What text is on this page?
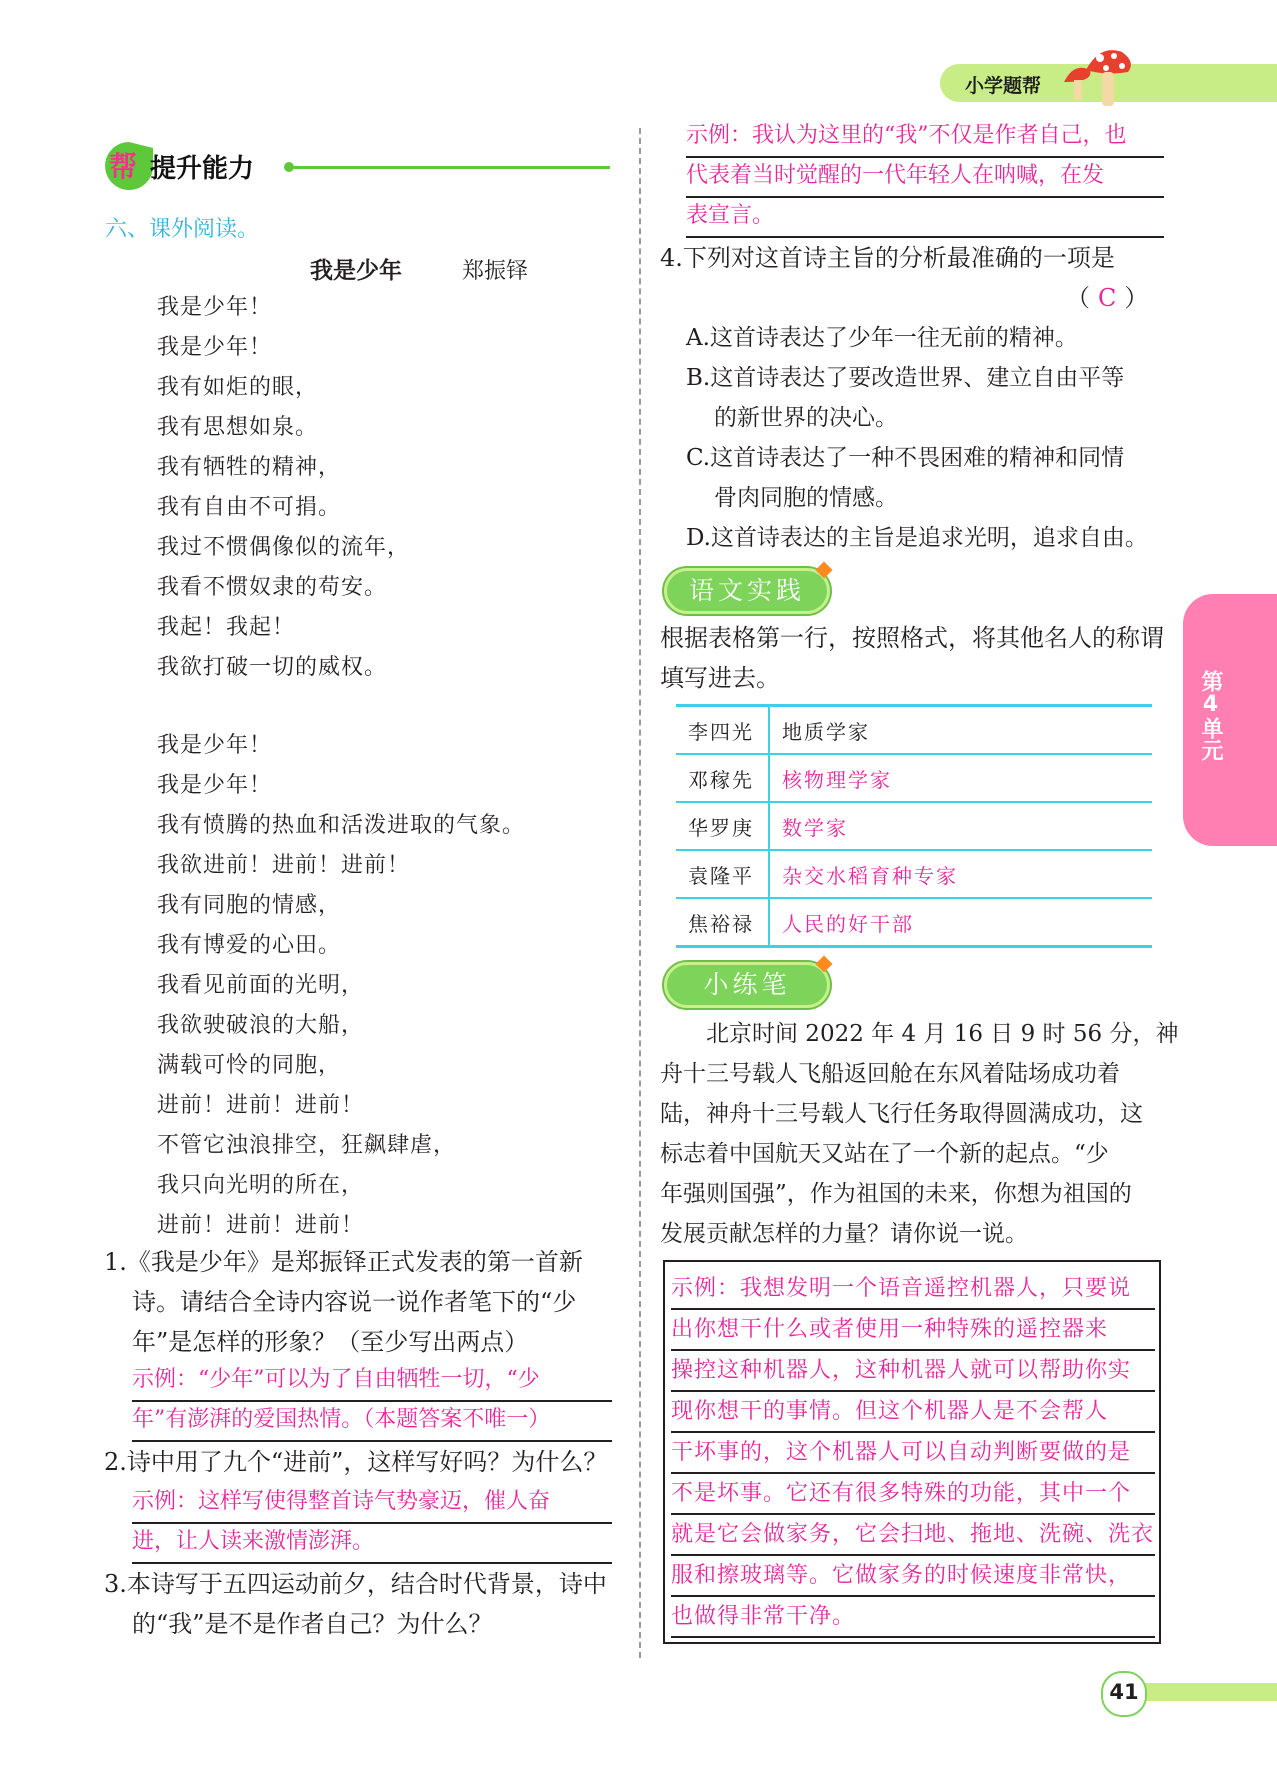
小学题帮
帮 提升能力
六、课外阅读。
我是少年	郑振铎
我是少年！
我是少年！
我有如炬的眼，
我有思想如泉。
我有牺牲的精神，
我有自由不可捐。
我过不惯偶像似的流年，
我看不惯奴隶的苟安。
我起！我起！
我欲打破一切的威权。
我是少年！
我是少年！
我有愤腾的热血和活泼进取的气象。
我欲进前！进前！进前！
我有同胞的情感，
我有博爱的心田。
我看见前面的光明，
我欲驶破浪的大船，
满载可怜的同胞，
进前！进前！进前！
不管它浊浪排空，狂飙肆虐，
我只向光明的所在，
进前！进前！进前！
1.《我是少年》是郑振铎正式发表的第一首新
诗。请结合全诗内容说一说作者笔下的“少
年”是怎样的形象？（至少写出两点）
示例：“少年”可以为了自由牺牲一切，“少
年”有澎湃的爱国热情。（本题答案不唯一）
2.诗中用了九个“进前”，这样写好吗？为什么？
示例：这样写使得整首诗气势豪迈，催人奋
进，让人读来激情澎湃。
3.本诗写于五四运动前夕，结合时代背景，诗中
的“我”是不是作者自己？为什么？
示例：我认为这里的“我”不仅是作者自己，也
代表着当时觉醒的一代年轻人在呐喊，在发
表宣言。
4.下列对这首诗主旨的分析最准确的一项是
（ C ）
A.这首诗表达了少年一往无前的精神。
B.这首诗表达了要改造世界、建立自由平等
的新世界的决心。
C.这首诗表达了一种不畏困难的精神和同情
骨肉同胞的情感。
D.这首诗表达的主旨是追求光明，追求自由。
语文实践
根据表格第一行，按照格式，将其他名人的称谓
填写进去。
李四光	地质学家
邓稼先	核物理学家
华罗庚	数学家
袁隆平	杂交水稻育种专家
焦裕禄	人民的好干部
第4单元
小练笔
　　北京时间 2022 年 4 月 16 日 9 时 56 分，神
舟十三号载人飞船返回舱在东风着陆场成功着
陆，神舟十三号载人飞行任务取得圆满成功，这
标志着中国航天又站在了一个新的起点。“少
年强则国强”，作为祖国的未来，你想为祖国的
发展贡献怎样的力量？请你说一说。
示例：我想发明一个语音遥控机器人，只要说
出你想干什么或者使用一种特殊的遥控器来
操控这种机器人，这种机器人就可以帮助你实
现你想干的事情。但这个机器人是不会帮人
干坏事的，这个机器人可以自动判断要做的是
不是坏事。它还有很多特殊的功能，其中一个
就是它会做家务，它会扫地、拖地、洗碗、洗衣
服和擦玻璃等。它做家务的时候速度非常快，
也做得非常干净。
41
